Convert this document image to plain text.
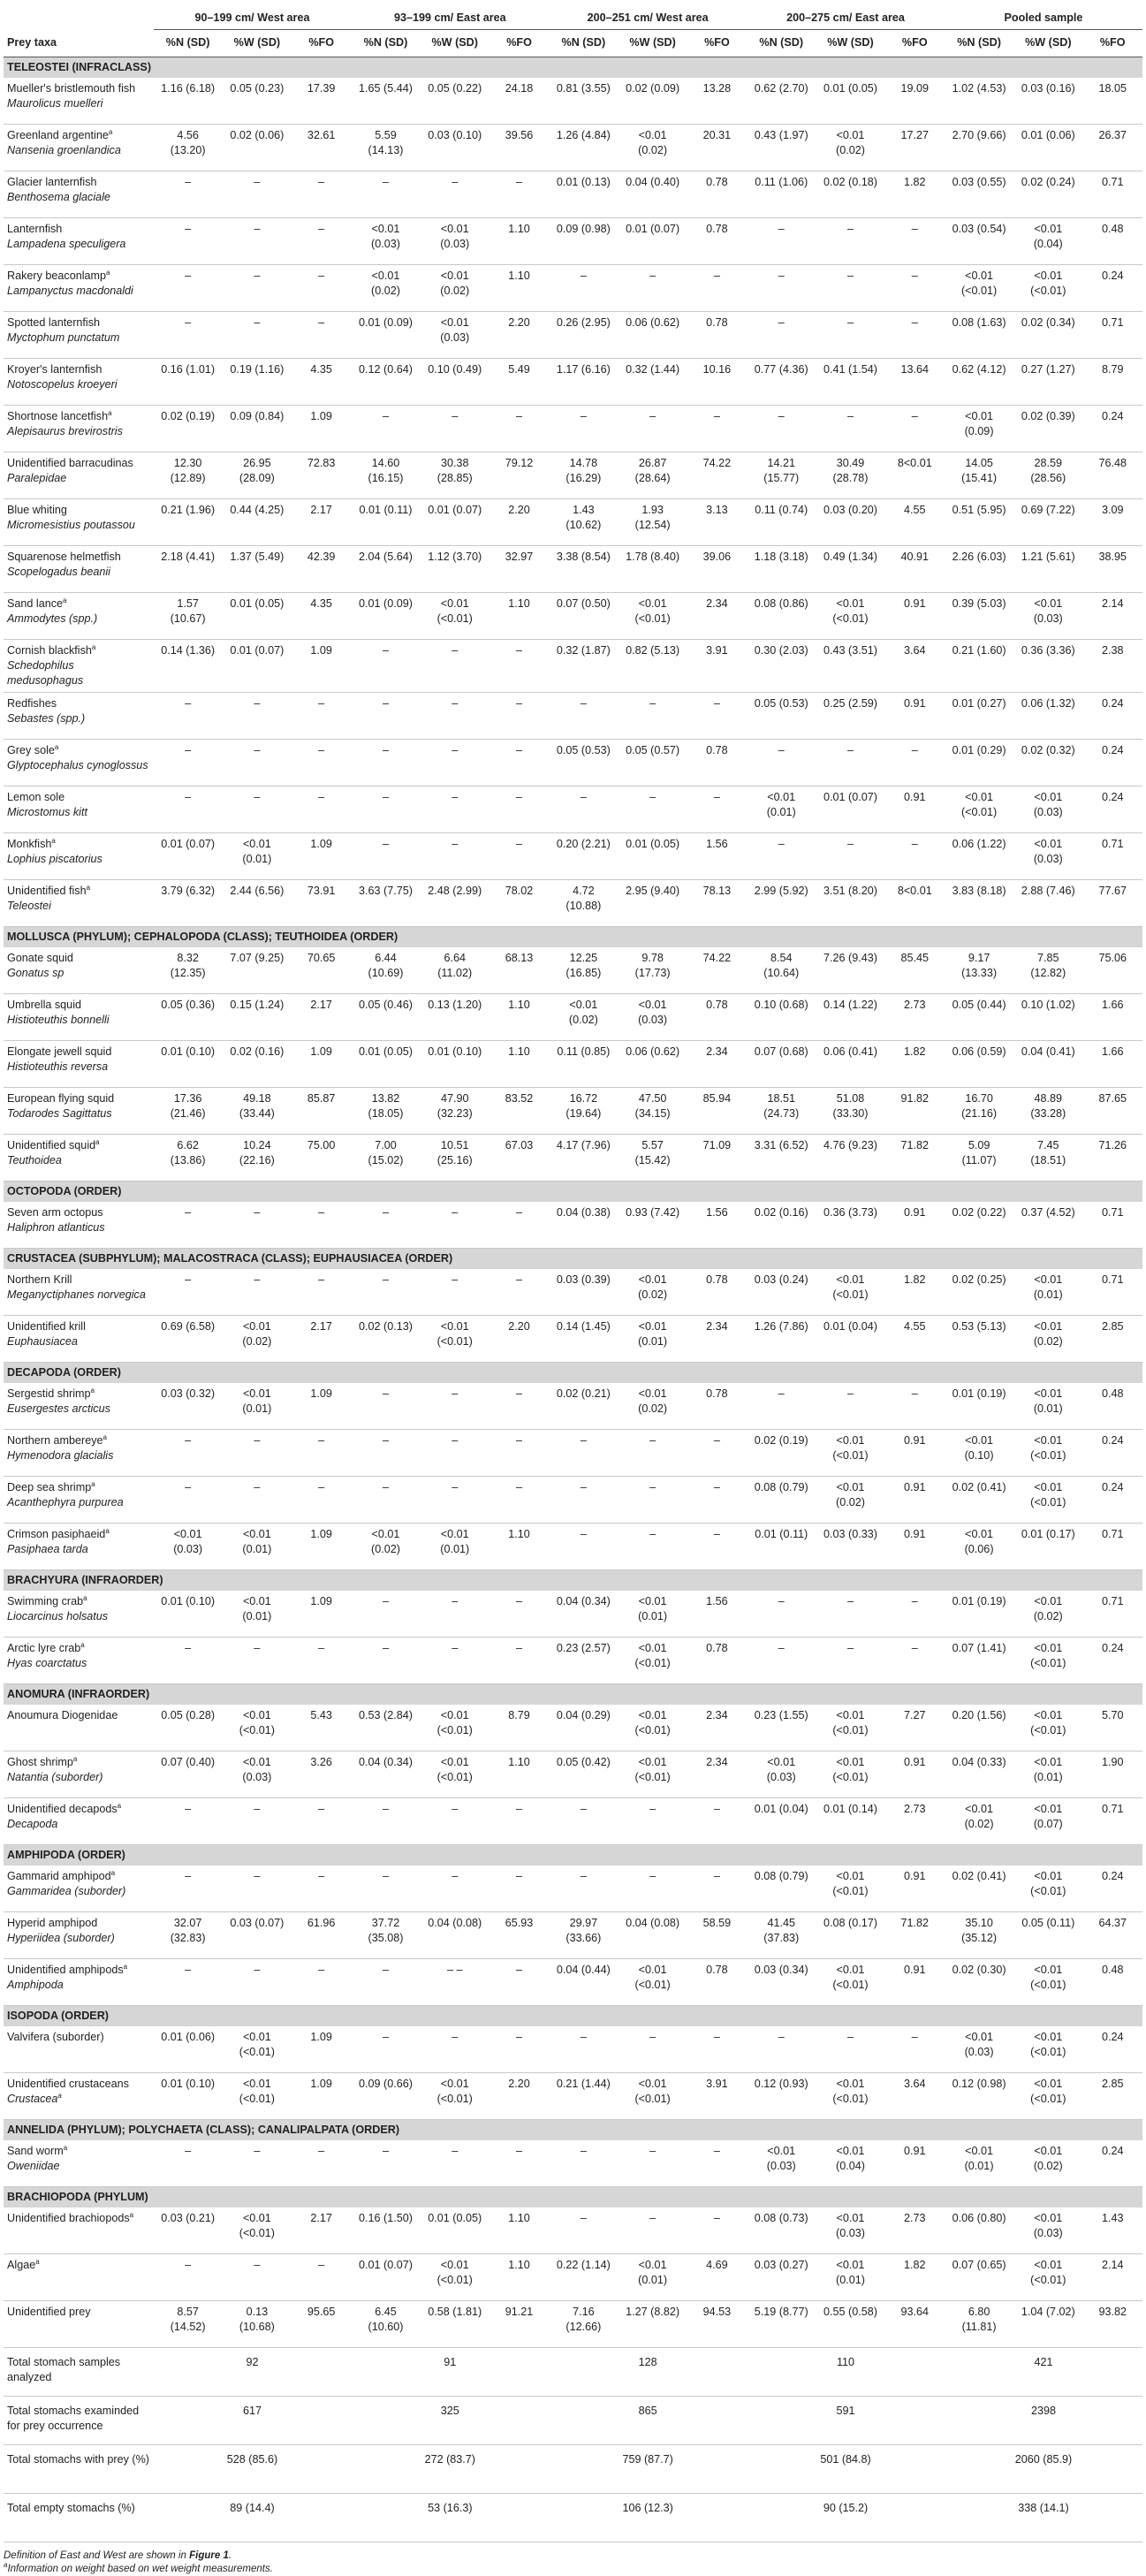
	90–199 cm/ West area			93–199 cm/ East area			200–251 cm/ West area			200–275 cm/ East area			Pooled sample		
Prey taxa	%N (SD)	%W (SD)	%FO	%N (SD)	%W (SD)	%FO	%N (SD)	%W (SD)	%FO	%N (SD)	%W (SD)	%FO	%N (SD)	%W (SD)	%FO
TELEOSTEI (INFRACLASS)															

Mueller's bristlemouth fish
Maurolicus muelleri	1.16 (6.18)	0.05 (0.23)	17.39	1.65 (5.44)	0.05 (0.22)	24.18	0.81 (3.55)	0.02 (0.09)	13.28	0.62 (2.70)	0.01 (0.05)	19.09	1.02 (4.53)	0.03 (0.16)	18.05

Greenland argentine$^a$
Nansenia groenlandica	4.56
(13.20)	0.02 (0.06)	32.61	5.59
(14.13)	0.03 (0.10)	39.56	1.26 (4.84)	<0.01
(0.02)	20.31	0.43 (1.97)	<0.01
(0.02)	17.27	2.70 (9.66)	0.01 (0.06)	26.37

Glacier lanternfish
Benthosema glaciale	–	–	–	–	–	–	0.01 (0.13)	0.04 (0.40)	0.78	0.11 (1.06)	0.02 (0.18)	1.82	0.03 (0.55)	0.02 (0.24)	0.71

Lanternfish
Lampadena speculigera	–	–	–	<0.01
(0.03)	<0.01
(0.03)	1.10	0.09 (0.98)	0.01 (0.07)	0.78	–	–	–	0.03 (0.54)	<0.01
(0.04)	0.48

Rakery beaconlamp$^a$
Lampanyctus macdonaldi	–	–	–	<0.01
(0.02)	<0.01
(0.02)	1.10	–	–	–	–	–	–	<0.01
(<0.01)	<0.01
(<0.01)	0.24

Spotted lanternfish
Myctophum punctatum	–	–	–	0.01 (0.09)	<0.01
(0.03)	2.20	0.26 (2.95)	0.06 (0.62)	0.78	–	–	–	0.08 (1.63)	0.02 (0.34)	0.71

Kroyer's lanternfish
Notoscopelus kroeyeri	0.16 (1.01)	0.19 (1.16)	4.35	0.12 (0.64)	0.10 (0.49)	5.49	1.17 (6.16)	0.32 (1.44)	10.16	0.77 (4.36)	0.41 (1.54)	13.64	0.62 (4.12)	0.27 (1.27)	8.79

Shortnose lancetfish$^a$
Alepisaurus brevirostris	0.02 (0.19)	0.09 (0.84)	1.09	–	–	–	–	–	–	–	–	–	<0.01
(0.09)	0.02 (0.39)	0.24

Unidentified barracudinas
Paralepidae	12.30
(12.89)	26.95
(28.09)	72.83	14.60
(16.15)	30.38
(28.85)	79.12	14.78
(16.29)	26.87
(28.64)	74.22	14.21
(15.77)	30.49
(28.78)	8<0.01	14.05
(15.41)	28.59
(28.56)	76.48

Blue whiting
Micromesistius poutassou	0.21 (1.96)	0.44 (4.25)	2.17	0.01 (0.11)	0.01 (0.07)	2.20	1.43
(10.62)	1.93
(12.54)	3.13	0.11 (0.74)	0.03 (0.20)	4.55	0.51 (5.95)	0.69 (7.22)	3.09

Squarenose helmetfish
Scopelogadus beanii	2.18 (4.41)	1.37 (5.49)	42.39	2.04 (5.64)	1.12 (3.70)	32.97	3.38 (8.54)	1.78 (8.40)	39.06	1.18 (3.18)	0.49 (1.34)	40.91	2.26 (6.03)	1.21 (5.61)	38.95

Sand lance$^a$
Ammodytes (spp.)	1.57
(10.67)	0.01 (0.05)	4.35	0.01 (0.09)	<0.01
(<0.01)	1.10	0.07 (0.50)	<0.01
(<0.01)	2.34	0.08 (0.86)	<0.01
(<0.01)	0.91	0.39 (5.03)	<0.01
(0.03)	2.14

Cornish blackfish$^a$
Schedophilus medusophagus	0.14 (1.36)	0.01 (0.07)	1.09	–	–	–	0.32 (1.87)	0.82 (5.13)	3.91	0.30 (2.03)	0.43 (3.51)	3.64	0.21 (1.60)	0.36 (3.36)	2.38

Redfishes
Sebastes (spp.)	–	–	–	–	–	–	–	–	–	0.05 (0.53)	0.25 (2.59)	0.91	0.01 (0.27)	0.06 (1.32)	0.24

Grey sole$^a$
Glyptocephalus cynoglossus	–	–	–	–	–	–	0.05 (0.53)	0.05 (0.57)	0.78	–	–	–	0.01 (0.29)	0.02 (0.32)	0.24

Lemon sole
Microstomus kitt	–	–	–	–	–	–	–	–	–	<0.01
(0.01)	0.01 (0.07)	0.91	<0.01
(<0.01)	<0.01
(0.03)	0.24

Monkfish$^a$
Lophius piscatorius	0.01 (0.07)	<0.01
(0.01)	1.09	–	–	–	0.20 (2.21)	0.01 (0.05)	1.56	–	–	–	0.06 (1.22)	<0.01
(0.03)	0.71

Unidentified fish$^a$
Teleostei	3.79 (6.32)	2.44 (6.56)	73.91	3.63 (7.75)	2.48 (2.99)	78.02	4.72
(10.88)	2.95 (9.40)	78.13	2.99 (5.92)	3.51 (8.20)	8<0.01	3.83 (8.18)	2.88 (7.46)	77.67

MOLLUSCA (PHYLUM); CEPHALOPODA (CLASS); TEUTHOIDEA (ORDER)															

Gonate squid
Gonatus sp	8.32
(12.35)	7.07 (9.25)	70.65	6.44
(10.69)	6.64
(11.02)	68.13	12.25
(16.85)	9.78
(17.73)	74.22	8.54
(10.64)	7.26 (9.43)	85.45	9.17
(13.33)	7.85
(12.82)	75.06

Umbrella squid
Histioteuthis bonnelli	0.05 (0.36)	0.15 (1.24)	2.17	0.05 (0.46)	0.13 (1.20)	1.10	<0.01
(0.02)	<0.01
(0.03)	0.78	0.10 (0.68)	0.14 (1.22)	2.73	0.05 (0.44)	0.10 (1.02)	1.66

Elongate jewell squid
Histioteuthis reversa	0.01 (0.10)	0.02 (0.16)	1.09	0.01 (0.05)	0.01 (0.10)	1.10	0.11 (0.85)	0.06 (0.62)	2.34	0.07 (0.68)	0.06 (0.41)	1.82	0.06 (0.59)	0.04 (0.41)	1.66

European flying squid
Todarodes Sagittatus	17.36
(21.46)	49.18
(33.44)	85.87	13.82
(18.05)	47.90
(32.23)	83.52	16.72
(19.64)	47.50
(34.15)	85.94	18.51
(24.73)	51.08
(33.30)	91.82	16.70
(21.16)	48.89
(33.28)	87.65

Unidentified squid$^a$
Teuthoidea	6.62
(13.86)	10.24
(22.16)	75.00	7.00
(15.02)	10.51
(25.16)	67.03	4.17 (7.96)	5.57
(15.42)	71.09	3.31 (6.52)	4.76 (9.23)	71.82	5.09
(11.07)	7.45
(18.51)	71.26

OCTOPODA (ORDER)															

Seven arm octopus
Haliphron atlanticus	–	–	–	–	–	–	0.04 (0.38)	0.93 (7.42)	1.56	0.02 (0.16)	0.36 (3.73)	0.91	0.02 (0.22)	0.37 (4.52)	0.71

CRUSTACEA (SUBPHYLUM); MALACOSTRACA (CLASS); EUPHAUSIACEA (ORDER)															

Northern Krill
Meganyctiphanes norvegica	–	–	–	–	–	–	0.03 (0.39)	<0.01
(0.02)	0.78	0.03 (0.24)	<0.01
(<0.01)	1.82	0.02 (0.25)	<0.01
(0.01)	0.71

Unidentified krill
Euphausiacea	0.69 (6.58)	<0.01
(0.02)	2.17	0.02 (0.13)	<0.01
(<0.01)	2.20	0.14 (1.45)	<0.01
(0.01)	2.34	1.26 (7.86)	0.01 (0.04)	4.55	0.53 (5.13)	<0.01
(0.02)	2.85

DECAPODA (ORDER)															

Sergestid shrimp$^a$
Eusergestes arcticus	0.03 (0.32)	<0.01
(0.01)	1.09	–	–	–	0.02 (0.21)	<0.01
(0.02)	0.78	–	–	–	0.01 (0.19)	<0.01
(0.01)	0.48

Northern ambereye$^a$
Hymenodora glacialis	–	–	–	–	–	–	–	–	–	0.02 (0.19)	<0.01
(<0.01)	0.91	<0.01
(0.10)	<0.01
(<0.01)	0.24

Deep sea shrimp$^a$
Acanthephyra purpurea	–	–	–	–	–	–	–	–	–	0.08 (0.79)	<0.01
(0.02)	0.91	0.02 (0.41)	<0.01
(<0.01)	0.24

Crimson pasiphaeid$^a$
Pasiphaea tarda	<0.01
(0.03)	<0.01
(0.01)	1.09	<0.01
(0.02)	<0.01
(0.01)	1.10	–	–	–	0.01 (0.11)	0.03 (0.33)	0.91	<0.01
(0.06)	0.01 (0.17)	0.71

BRACHYURA (INFRAORDER)															

Swimming crab$^a$
Liocarcinus holsatus	0.01 (0.10)	<0.01
(0.01)	1.09	–	–	–	0.04 (0.34)	<0.01
(0.01)	1.56	–	–	–	0.01 (0.19)	<0.01
(0.02)	0.71

Arctic lyre crab$^a$
Hyas coarctatus	–	–	–	–	–	–	0.23 (2.57)	<0.01
(<0.01)	0.78	–	–	–	0.07 (1.41)	<0.01
(<0.01)	0.24

ANOMURA (INFRAORDER)															

Anoumura Diogenidae	0.05 (0.28)	<0.01
(<0.01)	5.43	0.53 (2.84)	<0.01
(<0.01)	8.79	0.04 (0.29)	<0.01
(<0.01)	2.34	0.23 (1.55)	<0.01
(<0.01)	7.27	0.20 (1.56)	<0.01
(<0.01)	5.70

Ghost shrimp$^a$
Natantia (suborder)	0.07 (0.40)	<0.01
(0.03)	3.26	0.04 (0.34)	<0.01
(<0.01)	1.10	0.05 (0.42)	<0.01
(<0.01)	2.34	<0.01
(0.03)	<0.01
(<0.01)	0.91	0.04 (0.33)	<0.01
(0.01)	1.90

Unidentified decapods$^a$
Decapoda	–	–	–	–	–	–	–	–	–	0.01 (0.04)	0.01 (0.14)	2.73	<0.01
(0.02)	<0.01
(0.07)	0.71

AMPHIPODA (ORDER)															

Gammarid amphipod$^a$
Gammaridea (suborder)	–	–	–	–	–	–	–	–	–	0.08 (0.79)	<0.01
(<0.01)	0.91	0.02 (0.41)	<0.01
(<0.01)	0.24

Hyperid amphipod
Hyperiidea (suborder)	32.07
(32.83)	0.03 (0.07)	61.96	37.72
(35.08)	0.04 (0.08)	65.93	29.97
(33.66)	0.04 (0.08)	58.59	41.45
(37.83)	0.08 (0.17)	71.82	35.10
(35.12)	0.05 (0.11)	64.37

Unidentified amphipods$^a$
Amphipoda	–	–	–	–	– –	–	0.04 (0.44)	<0.01
(<0.01)	0.78	0.03 (0.34)	<0.01
(<0.01)	0.91	0.02 (0.30)	<0.01
(<0.01)	0.48

ISOPODA (ORDER)															

Valvifera (suborder)	0.01 (0.06)	<0.01
(<0.01)	1.09	–	–	–	–	–	–	–	–	–	<0.01
(0.03)	<0.01
(<0.01)	0.24

Unidentified crustaceans
Crustacea$^a$	0.01 (0.10)	<0.01
(<0.01)	1.09	0.09 (0.66)	<0.01
(<0.01)	2.20	0.21 (1.44)	<0.01
(<0.01)	3.91	0.12 (0.93)	<0.01
(<0.01)	3.64	0.12 (0.98)	<0.01
(<0.01)	2.85

ANNELIDA (PHYLUM); POLYCHAETA (CLASS); CANALIPALPATA (ORDER)															

Sand worm$^a$
Oweniidae	–	–	–	–	–	–	–	–	–	<0.01
(0.03)	<0.01
(0.04)	0.91	<0.01
(0.01)	<0.01
(0.02)	0.24

BRACHIOPODA (PHYLUM)															

Unidentified brachiopods$^a$	0.03 (0.21)	<0.01
(<0.01)	2.17	0.16 (1.50)	0.01 (0.05)	1.10	–	–	–	0.08 (0.73)	<0.01
(0.03)	2.73	0.06 (0.80)	<0.01
(0.03)	1.43

Algae$^a$	–	–	–	0.01 (0.07)	<0.01
(<0.01)	1.10	0.22 (1.14)	<0.01
(0.01)	4.69	0.03 (0.27)	<0.01
(0.01)	1.82	0.07 (0.65)	<0.01
(<0.01)	2.14

Unidentified prey	8.57
(14.52)	0.13
(10.68)	95.65	6.45
(10.60)	0.58 (1.81)	91.21	7.16
(12.66)	1.27 (8.82)	94.53	5.19 (8.77)	0.55 (0.58)	93.64	6.80
(11.81)	1.04 (7.02)	93.82

Total stomach samples analyzed	92			91			128			110			421		
Total stomachs examinded for prey occurrence	617			325			865			591			2398		
Total stomachs with prey (%)	528 (85.6)			272 (83.7)			759 (87.7)			501 (84.8)			2060 (85.9)		
Total empty stomachs (%)	89 (14.4)			53 (16.3)			106 (12.3)			90 (15.2)			338 (14.1)		

Definition of East and West are shown in Figure 1.

$^a$Information on weight based on wet weight measurements.
